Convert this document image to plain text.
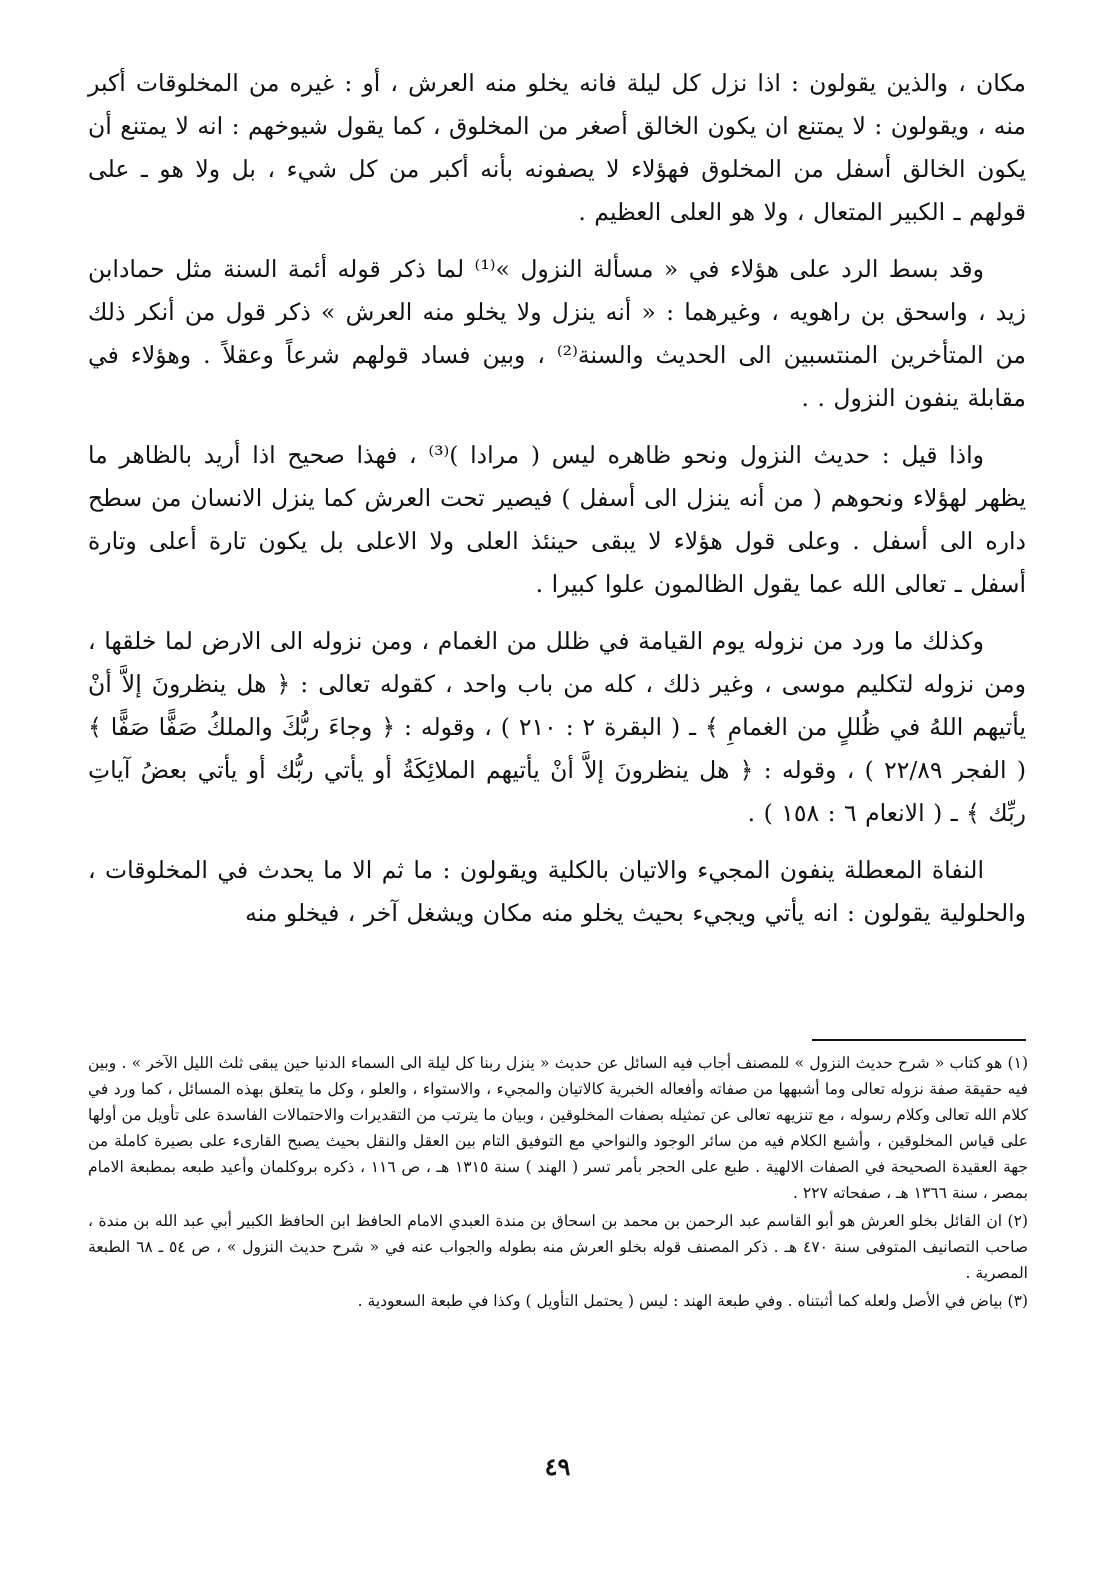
مكان ، والذين يقولون : اذا نزل كل ليلة فانه يخلو منه العرش ، أو : غيره من المخلوقات أكبر منه ، ويقولون : لا يمتنع ان يكون الخالق أصغر من المخلوق ، كما يقول شيوخهم : انه لا يمتنع أن يكون الخالق أسفل من المخلوق فهؤلاء لا يصفونه بأنه أكبر من كل شيء ، بل ولا هو ـ على قولهم ـ الكبير المتعال ، ولا هو العلى العظيم .

وقد بسط الرد على هؤلاء في « مسألة النزول »⁽¹⁾ لما ذكر قوله أئمة السنة مثل حمادابن زيد ، واسحق بن راهويه ، وغيرهما : « أنه ينزل ولا يخلو منه العرش » ذكر قول من أنكر ذلك من المتأخرين المنتسبين الى الحديث والسنة⁽²⁾ ، وبين فساد قولهم شرعاً وعقلاً . وهؤلاء في مقابلة ينفون النزول . .

واذا قيل : حديث النزول ونحو ظاهره ليس ( مرادا )⁽³⁾ ، فهذا صحيح اذا أريد بالظاهر ما يظهر لهؤلاء ونحوهم ( من أنه ينزل الى أسفل ) فيصير تحت العرش كما ينزل الانسان من سطح داره الى أسفل . وعلى قول هؤلاء لا يبقى حينئذ العلى ولا الاعلى بل يكون تارة أعلى وتارة أسفل ـ تعالى الله عما يقول الظالمون علوا كبيرا .

وكذلك ما ورد من نزوله يوم القيامة في ظلل من الغمام ، ومن نزوله الى الارض لما خلقها ، ومن نزوله لتكليم موسى ، وغير ذلك ، كله من باب واحد ، كقوله تعالى : ﴿ هل ينظرونَ إلاَّ أنْ يأتيهم اللهُ في ظُللٍ من الغمامِ ﴾ ـ ( البقرة ٢ : ٢١٠ ) ، وقوله : ﴿ وجاءَ ربُّكَ والملكُ صَفًّا صَفًّا ﴾ ( الفجر ٢٢/٨٩ ) ، وقوله : ﴿ هل ينظرونَ إلاَّ أنْ يأتيهم الملائِكَةُ أو يأتي ربُّك أو يأتي بعضُ آياتِ ربِّك ﴾ ـ ( الانعام ٦ : ١٥٨ ) .

النفاة المعطلة ينفون المجيء والاتيان بالكلية ويقولون : ما ثم الا ما يحدث في المخلوقات ، والحلولية يقولون : انه يأتي ويجيء بحيث يخلو منه مكان ويشغل آخر ، فيخلو منه

(١) هو كتاب « شرح حديث النزول » للمصنف أجاب فيه السائل عن حديث « ينزل ربنا كل ليلة الى السماء الدنيا حين يبقى ثلث الليل الآخر » . وبين فيه حقيقة صفة نزوله تعالى وما أشبهها من صفاته وأفعاله الخبرية كالاتيان والمجيء ، والاستواء ، والعلو ، وكل ما يتعلق بهذه المسائل ، كما ورد في كلام الله تعالى وكلام رسوله ، مع تنزيهه تعالى عن تمثيله بصفات المخلوقين ، وبيان ما يترتب من التقديرات والاحتمالات الفاسدة على تأويل من أولها على قياس المخلوقين ، وأشبع الكلام فيه من سائر الوجود والنواحي مع التوفيق التام بين العقل والنقل بحيث يصبح القارىء على بصيرة كاملة من جهة العقيدة الصحيحة في الصفات الالهية . طبع على الحجر بأمر تسر ( الهند ) سنة ١٣١٥ هـ ، ص ١١٦ ، ذكره بروكلمان وأعيد طبعه بمطبعة الامام بمصر ، سنة ١٣٦٦ هـ ، صفحاته ٢٢٧ .
(٢) ان القائل بخلو العرش هو أبو القاسم عبد الرحمن بن محمد بن اسحاق بن مندة العبدي الامام الحافظ ابن الحافظ الكبير أبي عبد الله بن مندة ، صاحب التصانيف المتوفى سنة ٤٧٠ هـ . ذكر المصنف قوله بخلو العرش منه بطوله والجواب عنه في « شرح حديث النزول » ، ص ٥٤ ـ ٦٨ الطبعة المصرية .
(٣) بياض في الأصل ولعله كما أثبتناه . وفي طبعة الهند : ليس ( يحتمل التأويل ) وكذا في طبعة السعودية .
٤٩
